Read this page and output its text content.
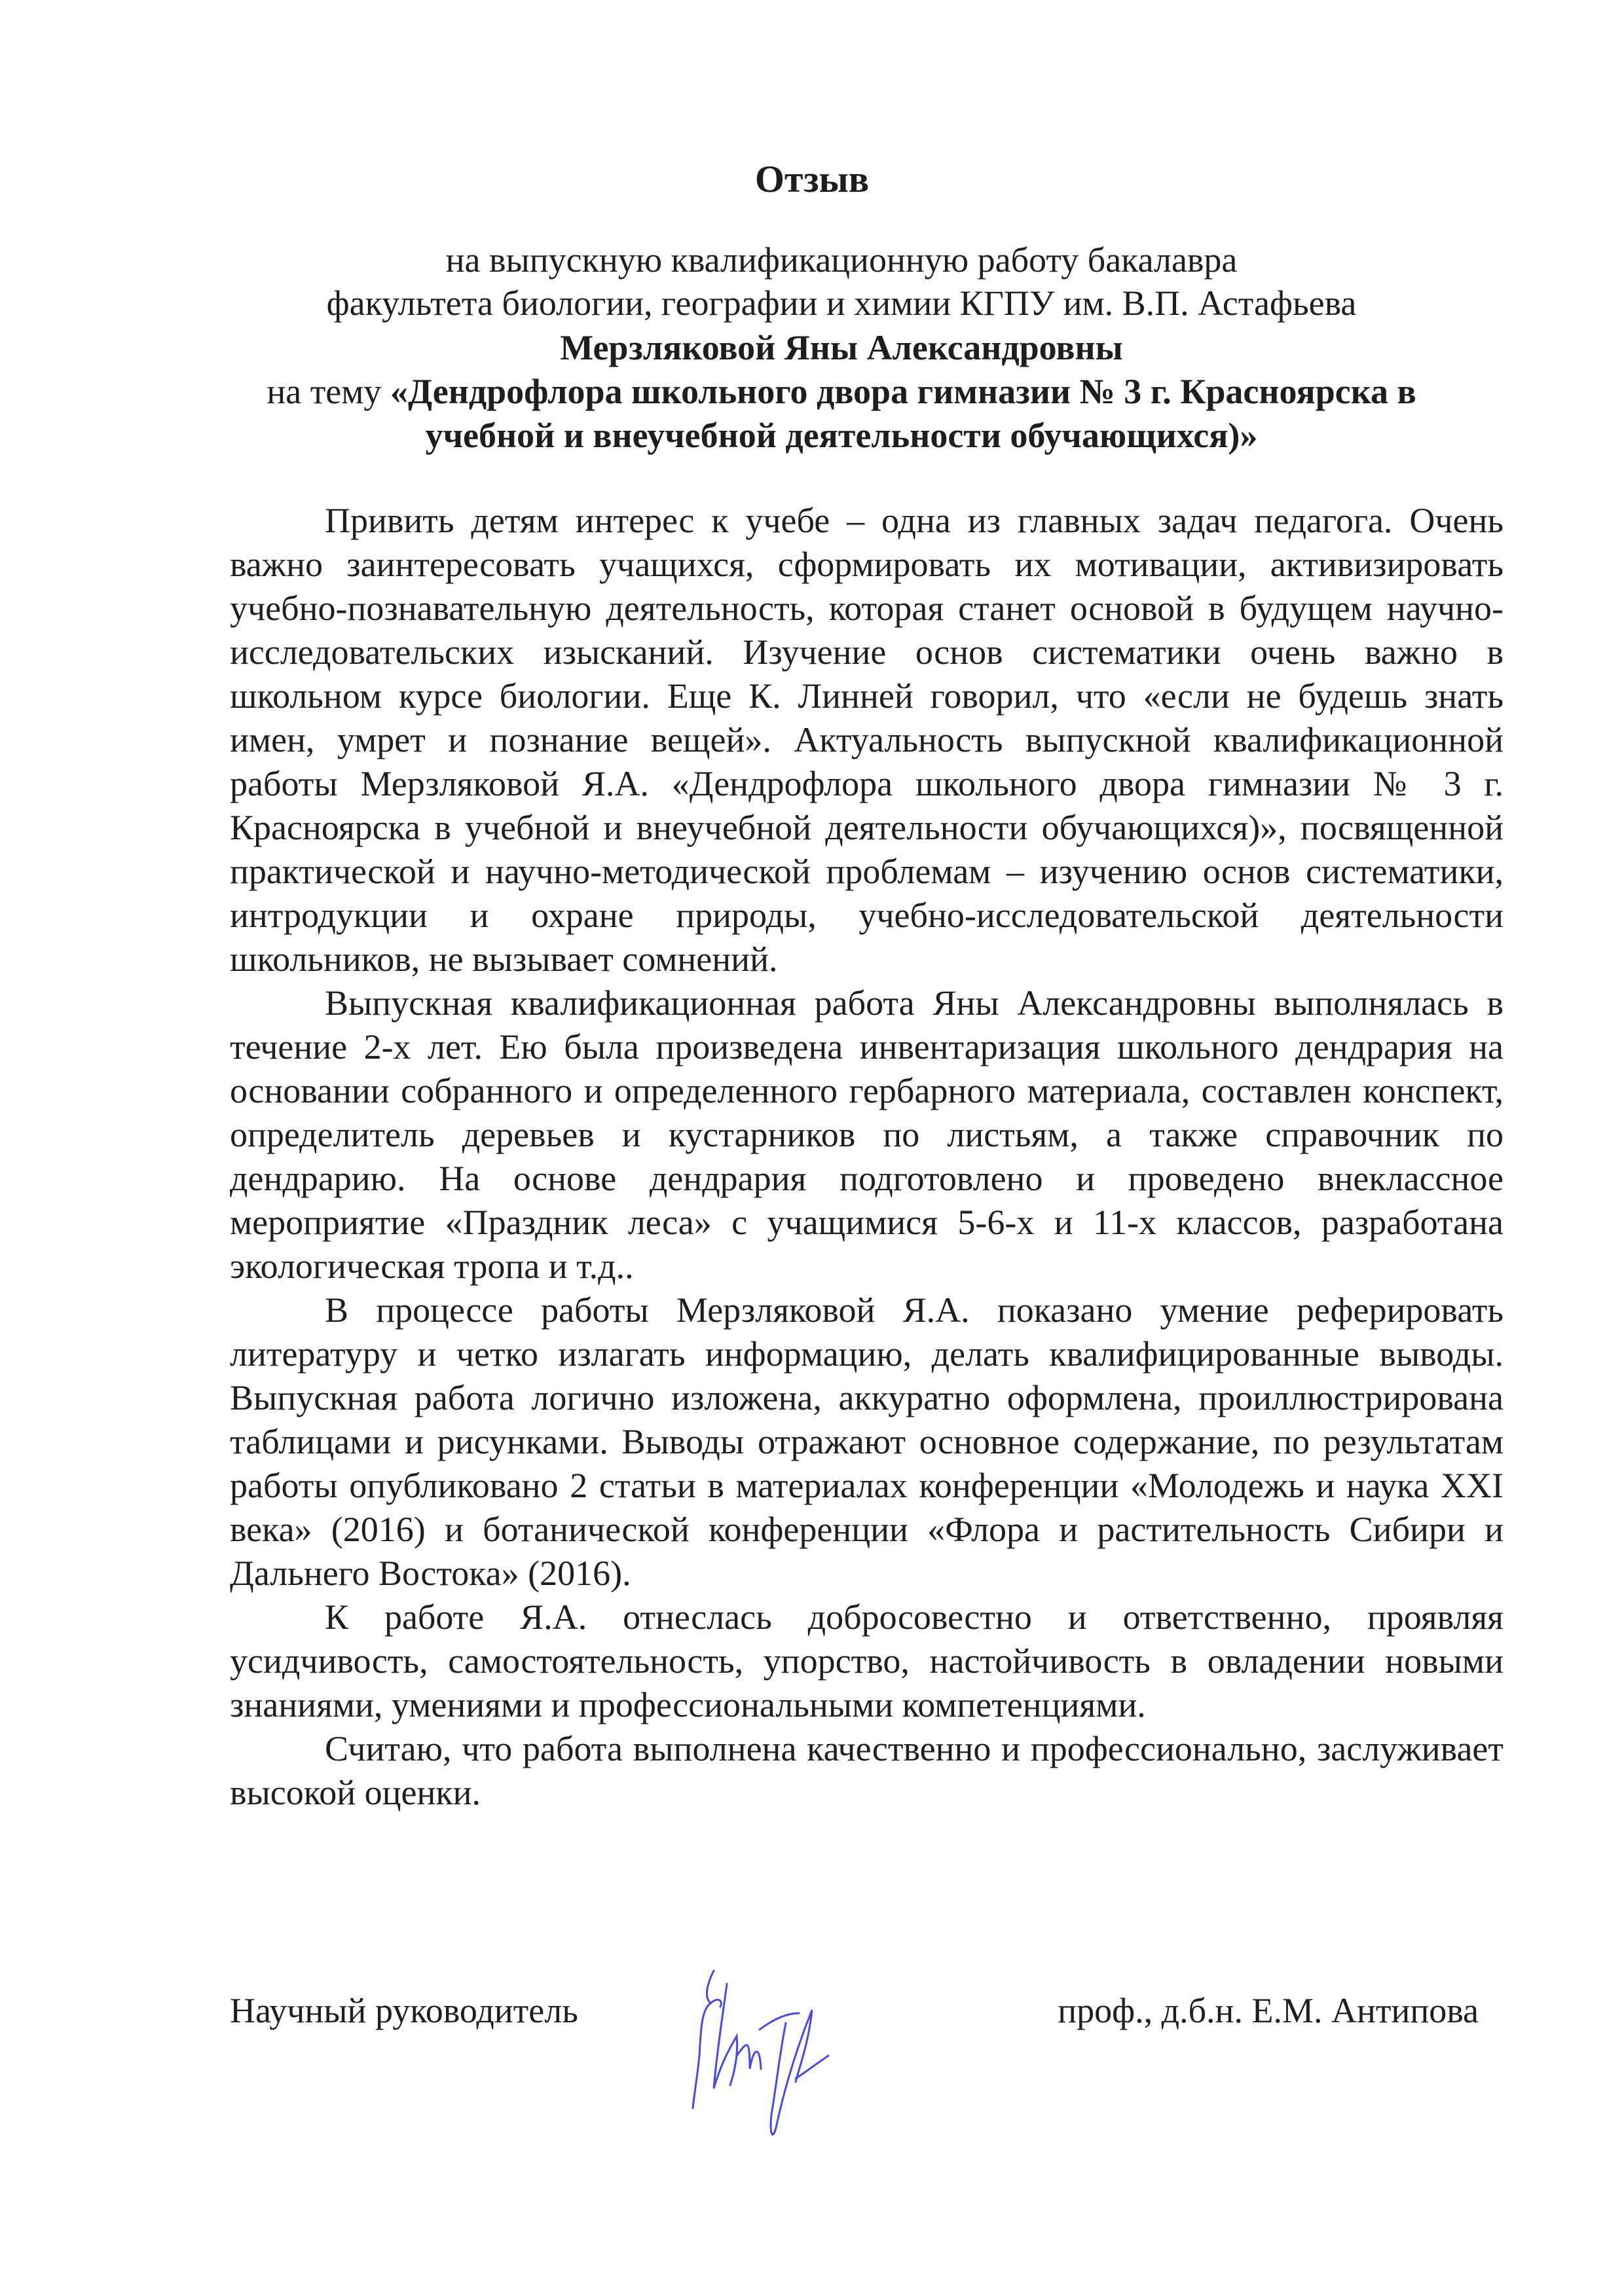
Отзыв
на выпускную квалификационную работу бакалавра
факультета биологии, географии и химии КГПУ им. В.П. Астафьева
Мерзляковой Яны Александровны
на тему «Дендрофлора школьного двора гимназии № 3 г. Красноярска в
учебной и внеучебной деятельности обучающихся)»

Привить детям интерес к учебе – одна из главных задач педагога. Очень важно заинтересовать учащихся, сформировать их мотивации, активизировать учебно-познавательную деятельность, которая станет основой в будущем научно-исследовательских изысканий. Изучение основ систематики очень важно в школьном курсе биологии. Еще К. Линней говорил, что «если не будешь знать имен, умрет и познание вещей». Актуальность выпускной квалификационной работы Мерзляковой Я.А. «Дендрофлора школьного двора гимназии № 3 г. Красноярска в учебной и внеучебной деятельности обучающихся)», посвященной практической и научно-методической проблемам – изучению основ систематики, интродукции и охране природы, учебно-исследовательской деятельности школьников, не вызывает сомнений.

Выпускная квалификационная работа Яны Александровны выполнялась в течение 2-х лет. Ею была произведена инвентаризация школьного дендрария на основании собранного и определенного гербарного материала, составлен конспект, определитель деревьев и кустарников по листьям, а также справочник по дендрарию. На основе дендрария подготовлено и проведено внеклассное мероприятие «Праздник леса» с учащимися 5-6-х и 11-х классов, разработана экологическая тропа и т.д..

В процессе работы Мерзляковой Я.А. показано умение реферировать литературу и четко излагать информацию, делать квалифицированные выводы. Выпускная работа логично изложена, аккуратно оформлена, проиллюстрирована таблицами и рисунками. Выводы отражают основное содержание, по результатам работы опубликовано 2 статьи в материалах конференции «Молодежь и наука XXI века» (2016) и ботанической конференции «Флора и растительность Сибири и Дальнего Востока» (2016).

К работе Я.А. отнеслась добросовестно и ответственно, проявляя усидчивость, самостоятельность, упорство, настойчивость в овладении новыми знаниями, умениями и профессиональными компетенциями.

Считаю, что работа выполнена качественно и профессионально, заслуживает высокой оценки.

Научный руководитель	проф., д.б.н. Е.М. Антипова
